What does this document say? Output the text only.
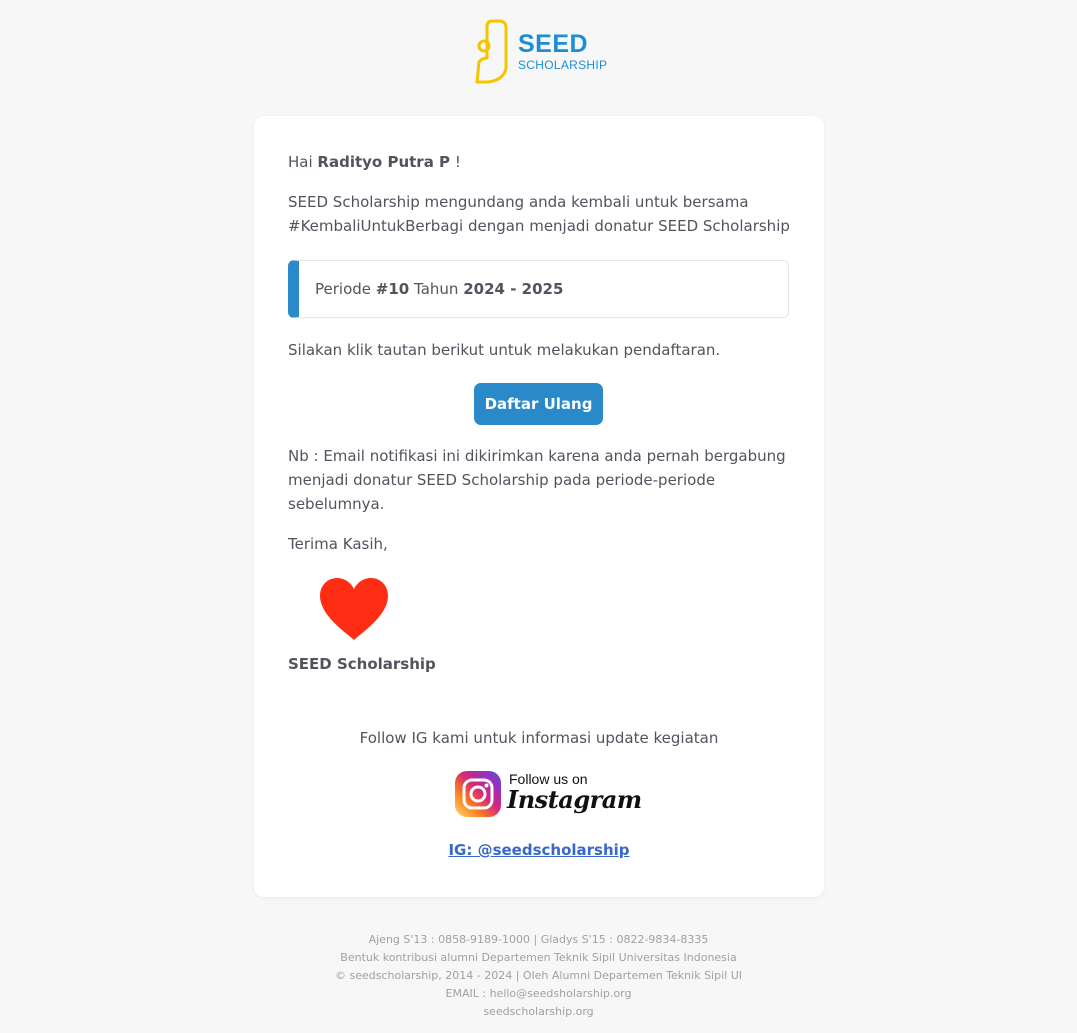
SEED
SCHOLARSHIP
Hai Radityo Putra P !
SEED Scholarship mengundang anda kembali untuk bersama #KembaliUntukBerbagi dengan menjadi donatur SEED Scholarship
Periode #10 Tahun 2024 - 2025
Silakan klik tautan berikut untuk melakukan pendaftaran.
Daftar Ulang
Nb : Email notifikasi ini dikirimkan karena anda pernah bergabung menjadi donatur SEED Scholarship pada periode-periode sebelumnya.
Terima Kasih,
SEED Scholarship
Follow IG kami untuk informasi update kegiatan
Follow us on
Instagram
IG: @seedscholarship
Ajeng S'13 : 0858-9189-1000 | Gladys S'15 : 0822-9834-8335
Bentuk kontribusi alumni Departemen Teknik Sipil Universitas Indonesia
© seedscholarship, 2014 - 2024 | Oleh Alumni Departemen Teknik Sipil UI
EMAIL : hello@seedsholarship.org
seedscholarship.org
